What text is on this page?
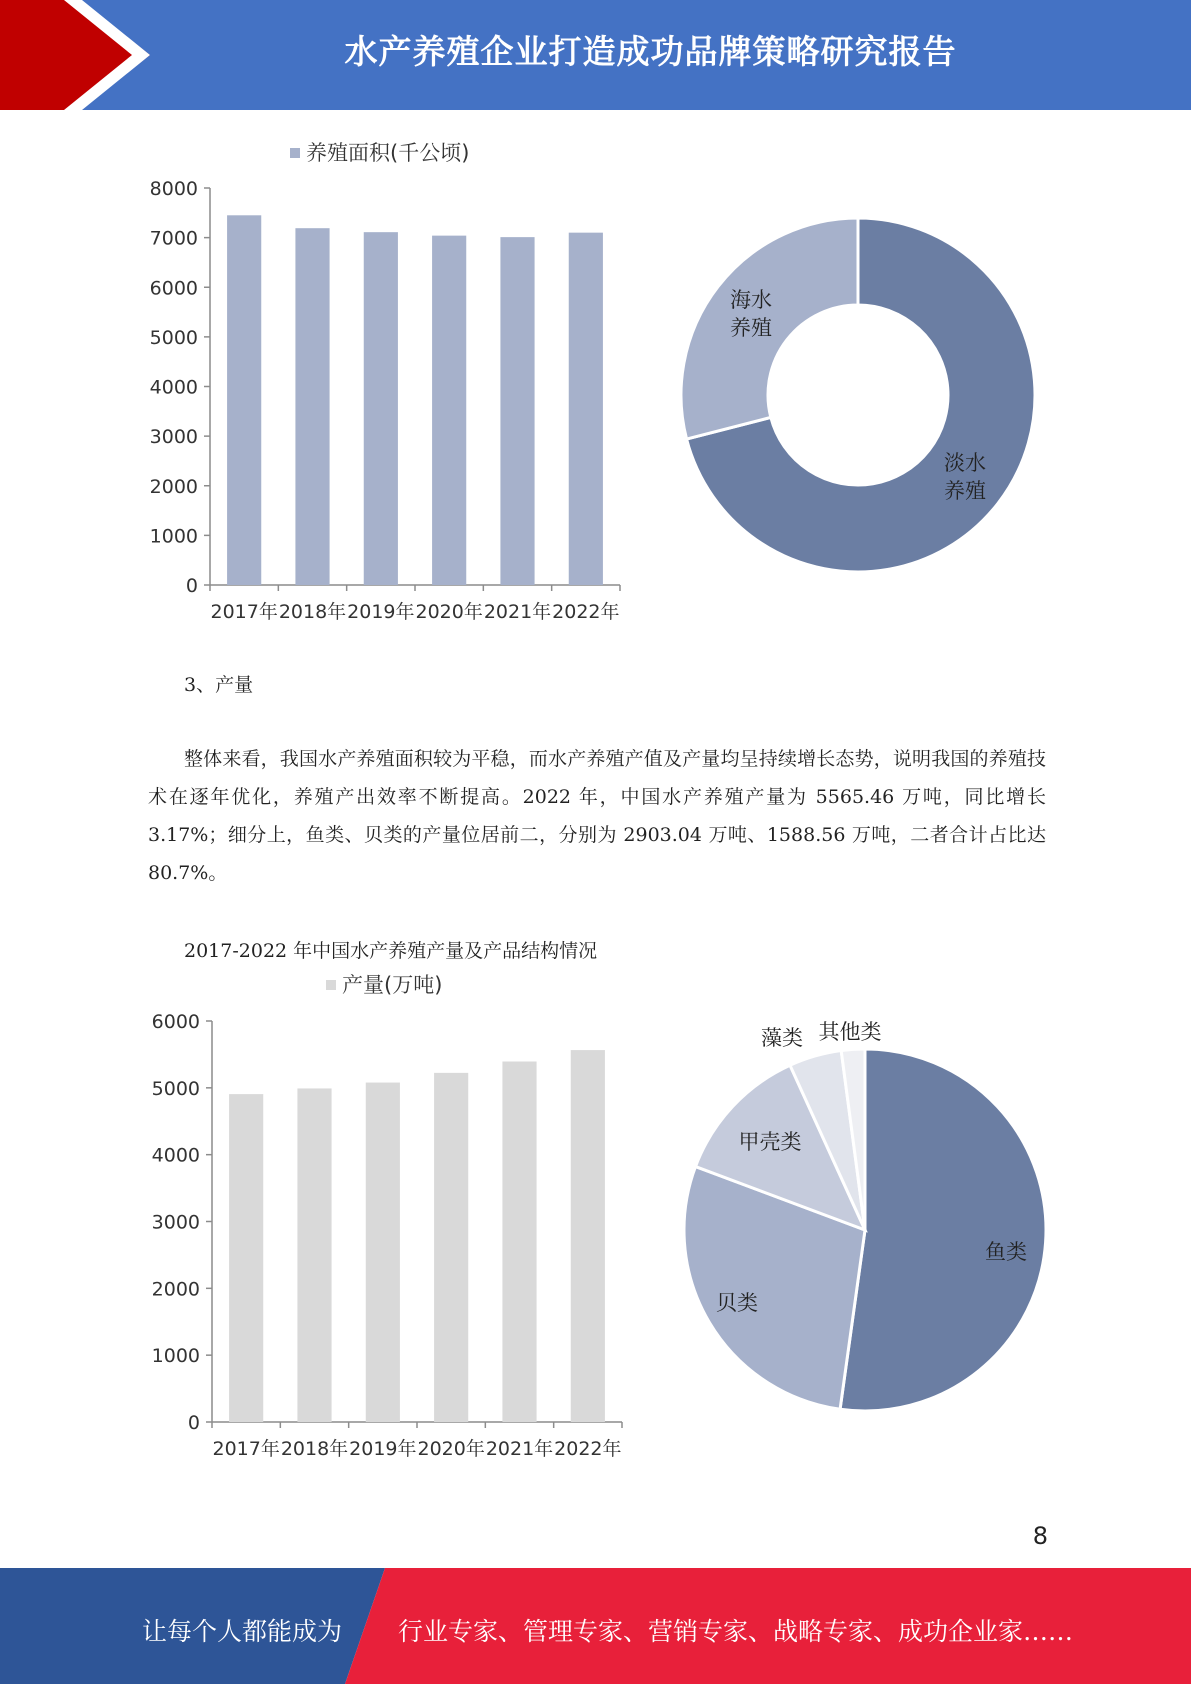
水产养殖企业打造成功品牌策略研究报告
养殖面积(千公顷)
0
1000
2000
3000
4000
5000
6000
7000
8000
2017年 2018年 2019年 2020年 2021年 2022年
淡水
养殖
海水
养殖
3、产量

整体来看，我国水产养殖面积较为平稳，而水产养殖产值及产量均呈持续增长态势，说明我国的养殖技术在逐年优化，养殖产出效率不断提高。2022 年，中国水产养殖产量为 5565.46 万吨，同比增长 3.17%；细分上，鱼类、贝类的产量位居前二，分别为 2903.04 万吨、1588.56 万吨，二者合计占比达 80.7%。

2017-2022 年中国水产养殖产量及产品结构情况
产量(万吨)
0
1000
2000
3000
4000
5000
6000
2017年 2018年 2019年 2020年 2021年 2022年
鱼类
贝类
甲壳类
藻类 其他类
8
让每个人都能成为 行业专家、管理专家、营销专家、战略专家、成功企业家……
